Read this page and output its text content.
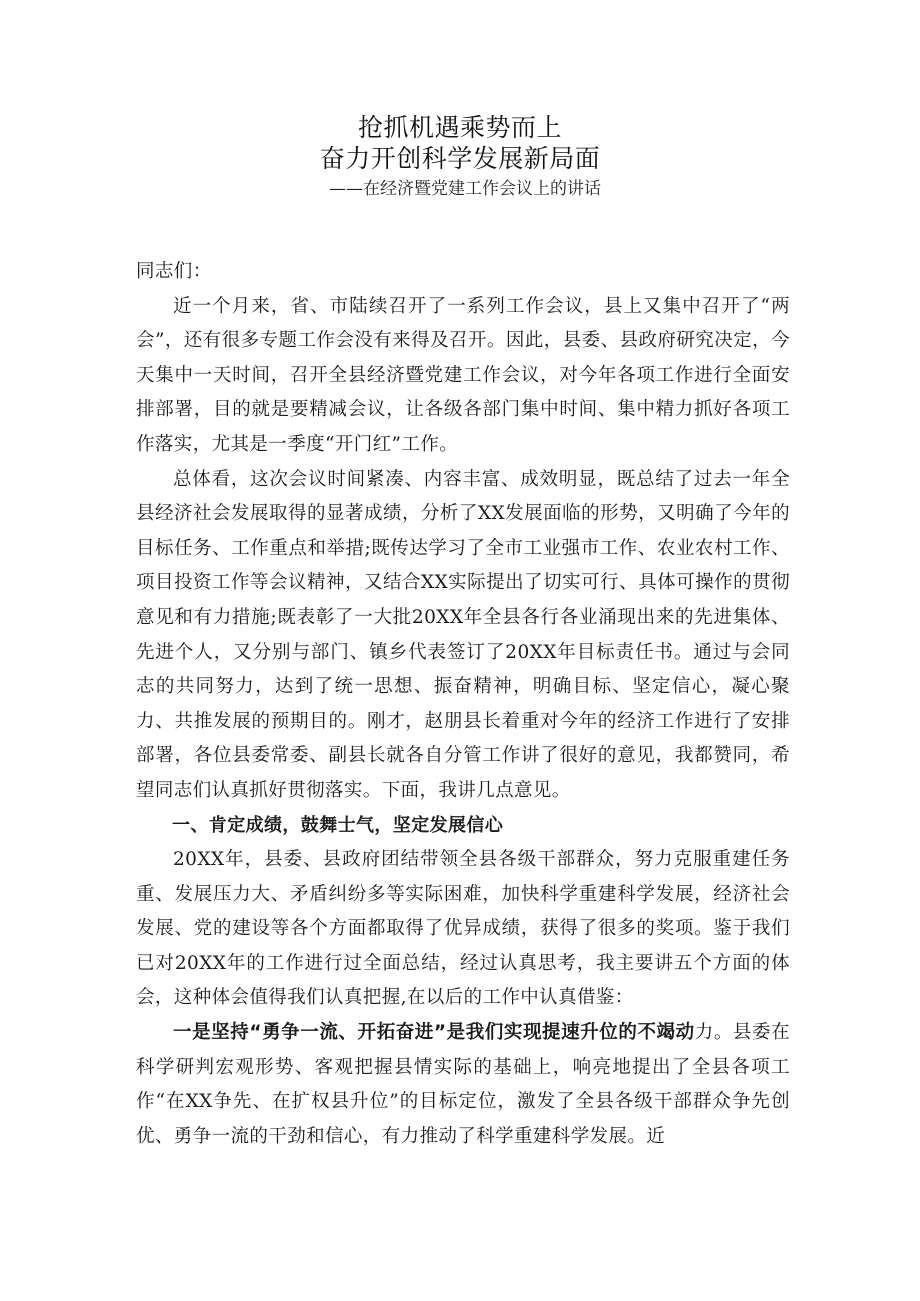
抢抓机遇乘势而上
奋力开创科学发展新局面
——在经济暨党建工作会议上的讲话

同志们：

近一个月来，省、市陆续召开了一系列工作会议，县上又集中召开了“两会”，还有很多专题工作会没有来得及召开。因此，县委、县政府研究决定，今天集中一天时间，召开全县经济暨党建工作会议，对今年各项工作进行全面安排部署，目的就是要精减会议，让各级各部门集中时间、集中精力抓好各项工作落实，尤其是一季度“开门红”工作。

总体看，这次会议时间紧凑、内容丰富、成效明显，既总结了过去一年全县经济社会发展取得的显著成绩，分析了XX发展面临的形势，又明确了今年的目标任务、工作重点和举措;既传达学习了全市工业强市工作、农业农村工作、项目投资工作等会议精神，又结合XX实际提出了切实可行、具体可操作的贯彻意见和有力措施;既表彰了一大批20XX年全县各行各业涌现出来的先进集体、先进个人，又分别与部门、镇乡代表签订了20XX年目标责任书。通过与会同志的共同努力，达到了统一思想、振奋精神，明确目标、坚定信心，凝心聚力、共推发展的预期目的。刚才，赵朋县长着重对今年的经济工作进行了安排部署，各位县委常委、副县长就各自分管工作讲了很好的意见，我都赞同，希望同志们认真抓好贯彻落实。下面，我讲几点意见。

一、肯定成绩，鼓舞士气，坚定发展信心

20XX年，县委、县政府团结带领全县各级干部群众，努力克服重建任务重、发展压力大、矛盾纠纷多等实际困难，加快科学重建科学发展，经济社会发展、党的建设等各个方面都取得了优异成绩，获得了很多的奖项。鉴于我们已对20XX年的工作进行过全面总结，经过认真思考，我主要讲五个方面的体会，这种体会值得我们认真把握,在以后的工作中认真借鉴：

一是坚持“勇争一流、开拓奋进”是我们实现提速升位的不竭动力。县委在科学研判宏观形势、客观把握县情实际的基础上，响亮地提出了全县各项工作“在XX争先、在扩权县升位”的目标定位，激发了全县各级干部群众争先创优、勇争一流的干劲和信心，有力推动了科学重建科学发展。近
